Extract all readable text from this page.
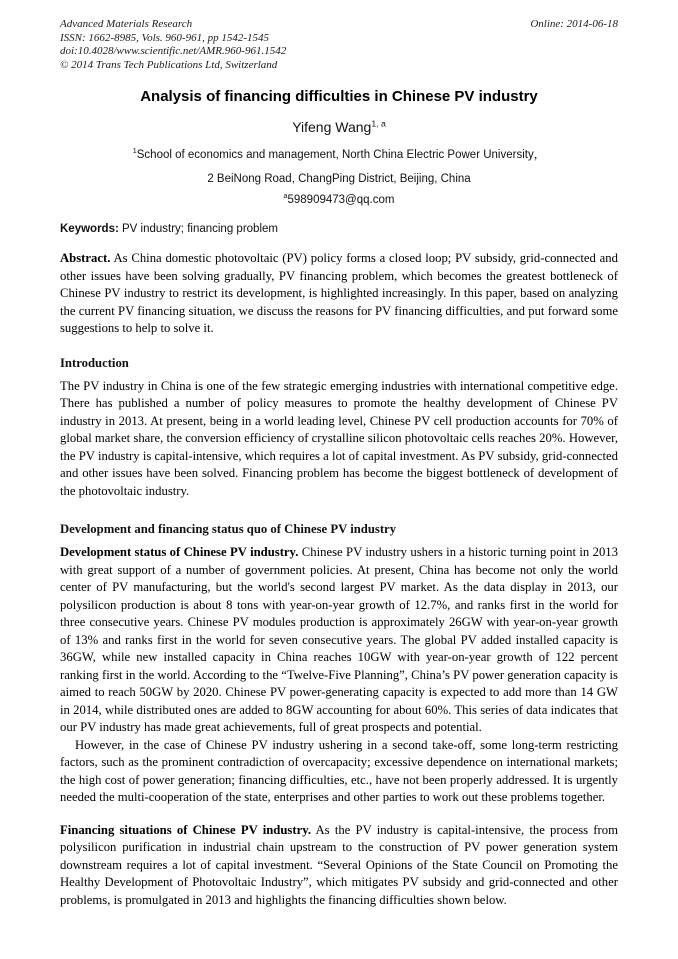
Advanced Materials Research
ISSN: 1662-8985, Vols. 960-961, pp 1542-1545
doi:10.4028/www.scientific.net/AMR.960-961.1542
© 2014 Trans Tech Publications Ltd, Switzerland
Online: 2014-06-18
Analysis of financing difficulties in Chinese PV industry
Yifeng Wang$^{1, a}$
$^1$School of economics and management, North China Electric Power University，
2 BeiNong Road, ChangPing District, Beijing, China
$^a$598909473@qq.com
Keywords: PV industry; financing problem

Abstract. As China domestic photovoltaic (PV) policy forms a closed loop; PV subsidy, grid-connected and other issues have been solving gradually, PV financing problem, which becomes the greatest bottleneck of Chinese PV industry to restrict its development, is highlighted increasingly. In this paper, based on analyzing the current PV financing situation, we discuss the reasons for PV financing difficulties, and put forward some suggestions to help to solve it.

Introduction

The PV industry in China is one of the few strategic emerging industries with international competitive edge. There has published a number of policy measures to promote the healthy development of Chinese PV industry in 2013. At present, being in a world leading level, Chinese PV cell production accounts for 70% of global market share, the conversion efficiency of crystalline silicon photovoltaic cells reaches 20%. However, the PV industry is capital-intensive, which requires a lot of capital investment. As PV subsidy, grid-connected and other issues have been solved. Financing problem has become the biggest bottleneck of development of the photovoltaic industry.

Development and financing status quo of Chinese PV industry

Development status of Chinese PV industry. Chinese PV industry ushers in a historic turning point in 2013 with great support of a number of government policies. At present, China has become not only the world center of PV manufacturing, but the world's second largest PV market. As the data display in 2013, our polysilicon production is about 8 tons with year-on-year growth of 12.7%, and ranks first in the world for three consecutive years. Chinese PV modules production is approximately 26GW with year-on-year growth of 13% and ranks first in the world for seven consecutive years. The global PV added installed capacity is 36GW, while new installed capacity in China reaches 10GW with year-on-year growth of 122 percent ranking first in the world. According to the “Twelve-Five Planning”, China’s PV power generation capacity is aimed to reach 50GW by 2020. Chinese PV power-generating capacity is expected to add more than 14 GW in 2014, while distributed ones are added to 8GW accounting for about 60%. This series of data indicates that our PV industry has made great achievements, full of great prospects and potential.

However, in the case of Chinese PV industry ushering in a second take-off, some long-term restricting factors, such as the prominent contradiction of overcapacity; excessive dependence on international markets; the high cost of power generation; financing difficulties, etc., have not been properly addressed. It is urgently needed the multi-cooperation of the state, enterprises and other parties to work out these problems together.

Financing situations of Chinese PV industry. As the PV industry is capital-intensive, the process from polysilicon purification in industrial chain upstream to the construction of PV power generation system downstream requires a lot of capital investment. “Several Opinions of the State Council on Promoting the Healthy Development of Photovoltaic Industry”, which mitigates PV subsidy and grid-connected and other problems, is promulgated in 2013 and highlights the financing difficulties shown below.
